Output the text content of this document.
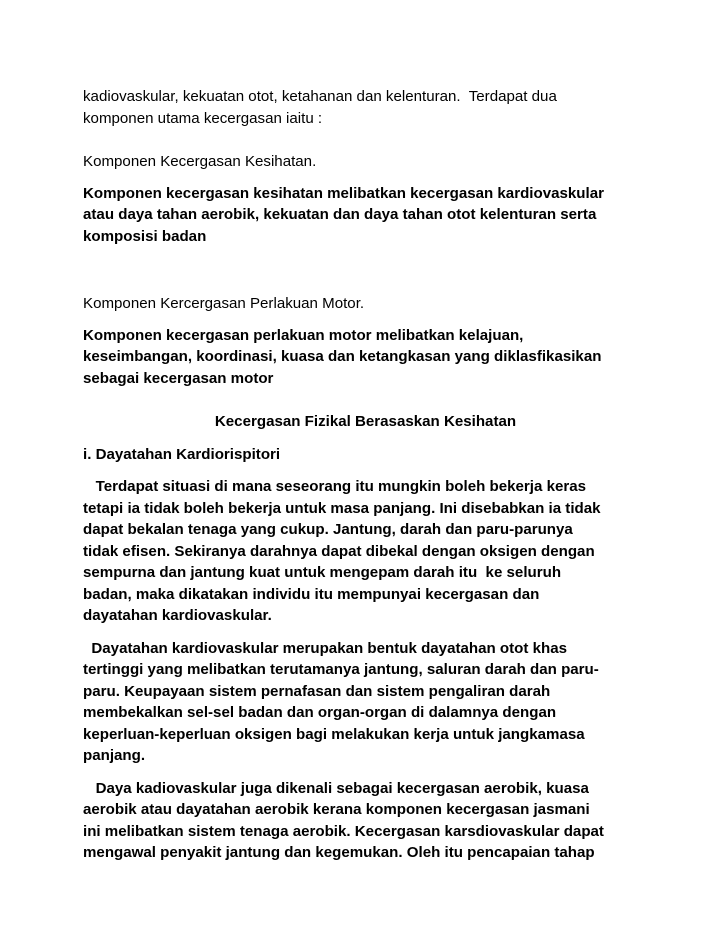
kadiovaskular, kekuatan otot, ketahanan dan kelenturan.  Terdapat dua

komponen utama kecergasan iaitu :

Komponen Kecergasan Kesihatan.

Komponen kecergasan kesihatan melibatkan kecergasan kardiovaskular

atau daya tahan aerobik, kekuatan dan daya tahan otot kelenturan serta

komposisi badan

Komponen Kercergasan Perlakuan Motor.

Komponen kecergasan perlakuan motor melibatkan kelajuan,

keseimbangan, koordinasi, kuasa dan ketangkasan yang diklasfikasikan

sebagai kecergasan motor

Kecergasan Fizikal Berasaskan Kesihatan

i. Dayatahan Kardiorispitori

Terdapat situasi di mana seseorang itu mungkin boleh bekerja keras

tetapi ia tidak boleh bekerja untuk masa panjang. Ini disebabkan ia tidak

dapat bekalan tenaga yang cukup. Jantung, darah dan paru-parunya

tidak efisen. Sekiranya darahnya dapat dibekal dengan oksigen dengan

sempurna dan jantung kuat untuk mengepam darah itu  ke seluruh

badan, maka dikatakan individu itu mempunyai kecergasan dan

dayatahan kardiovaskular.

Dayatahan kardiovaskular merupakan bentuk dayatahan otot khas

tertinggi yang melibatkan terutamanya jantung, saluran darah dan paru-

paru. Keupayaan sistem pernafasan dan sistem pengaliran darah

membekalkan sel-sel badan dan organ-organ di dalamnya dengan

keperluan-keperluan oksigen bagi melakukan kerja untuk jangkamasa

panjang.

Daya kadiovaskular juga dikenali sebagai kecergasan aerobik, kuasa

aerobik atau dayatahan aerobik kerana komponen kecergasan jasmani

ini melibatkan sistem tenaga aerobik. Kecergasan karsdiovaskular dapat

mengawal penyakit jantung dan kegemukan. Oleh itu pencapaian tahap
